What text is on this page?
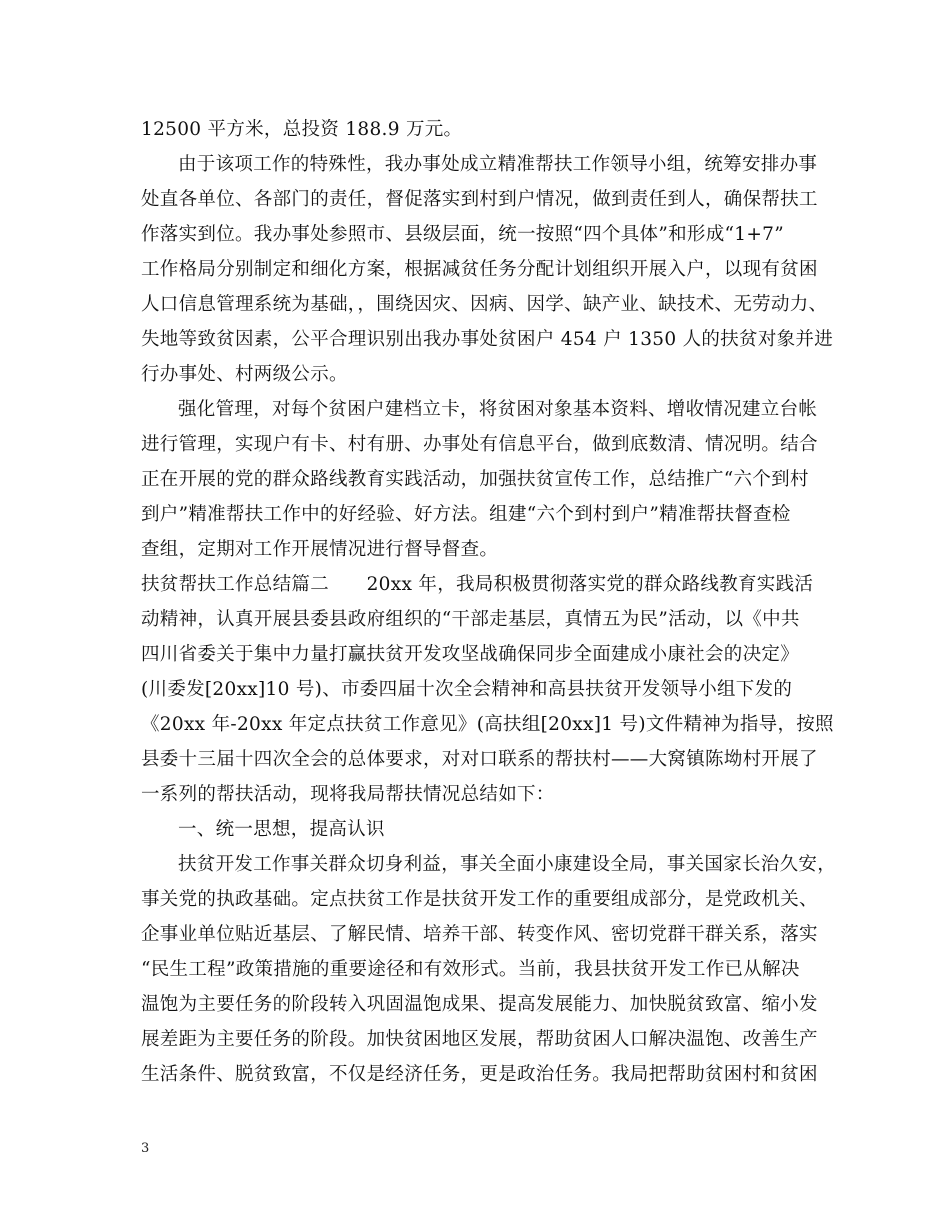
12500 平方米，总投资 188.9 万元。
由于该项工作的特殊性，我办事处成立精准帮扶工作领导小组，统筹安排办事
处直各单位、各部门的责任，督促落实到村到户情况，做到责任到人，确保帮扶工
作落实到位。我办事处参照市、县级层面，统一按照“四个具体”和形成“1+7”
工作格局分别制定和细化方案，根据减贫任务分配计划组织开展入户，以现有贫困
人口信息管理系统为基础，，围绕因灾、因病、因学、缺产业、缺技术、无劳动力、
失地等致贫因素，公平合理识别出我办事处贫困户 454 户 1350 人的扶贫对象并进
行办事处、村两级公示。
强化管理，对每个贫困户建档立卡，将贫困对象基本资料、增收情况建立台帐
进行管理，实现户有卡、村有册、办事处有信息平台，做到底数清、情况明。结合
正在开展的党的群众路线教育实践活动，加强扶贫宣传工作，总结推广“六个到村
到户”精准帮扶工作中的好经验、好方法。组建“六个到村到户”精准帮扶督查检
查组，定期对工作开展情况进行督导督查。
扶贫帮扶工作总结篇二　　20xx 年，我局积极贯彻落实党的群众路线教育实践活
动精神，认真开展县委县政府组织的“干部走基层，真情五为民”活动，以《中共
四川省委关于集中力量打赢扶贫开发攻坚战确保同步全面建成小康社会的决定》
(川委发[20xx]10 号)、市委四届十次全会精神和高县扶贫开发领导小组下发的
《20xx 年-20xx 年定点扶贫工作意见》(高扶组[20xx]1 号)文件精神为指导，按照
县委十三届十四次全会的总体要求，对对口联系的帮扶村——大窝镇陈坳村开展了
一系列的帮扶活动，现将我局帮扶情况总结如下：
一、统一思想，提高认识
扶贫开发工作事关群众切身利益，事关全面小康建设全局，事关国家长治久安，
事关党的执政基础。定点扶贫工作是扶贫开发工作的重要组成部分，是党政机关、
企事业单位贴近基层、了解民情、培养干部、转变作风、密切党群干群关系，落实
“民生工程”政策措施的重要途径和有效形式。当前，我县扶贫开发工作已从解决
温饱为主要任务的阶段转入巩固温饱成果、提高发展能力、加快脱贫致富、缩小发
展差距为主要任务的阶段。加快贫困地区发展，帮助贫困人口解决温饱、改善生产
生活条件、脱贫致富，不仅是经济任务，更是政治任务。我局把帮助贫困村和贫困
3
